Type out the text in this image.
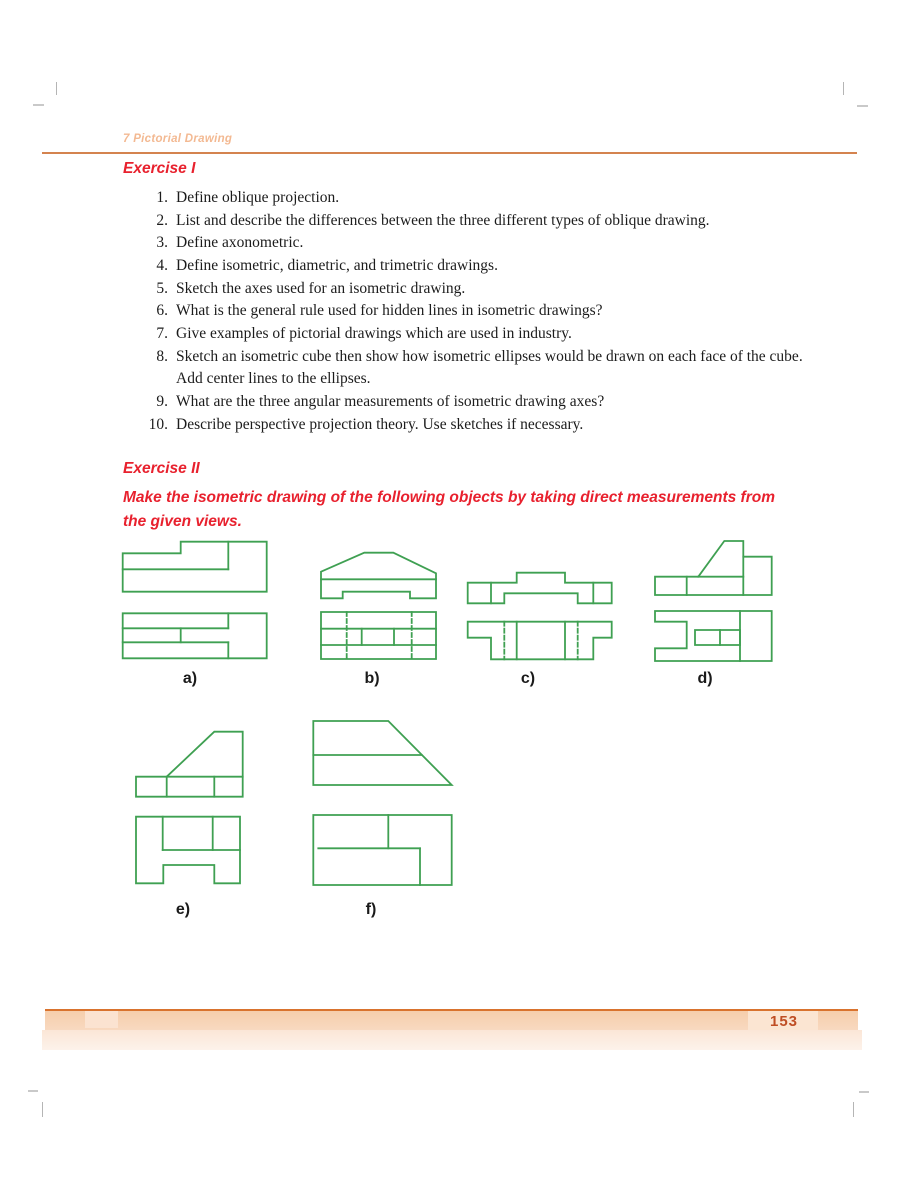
7 Pictorial Drawing
Exercise I
1. Define oblique projection.
2. List and describe the differences between the three different types of oblique drawing.
3. Define axonometric.
4. Define isometric, diametric, and trimetric drawings.
5. Sketch the axes used for an isometric drawing.
6. What is the general rule used for hidden lines in isometric drawings?
7. Give examples of pictorial drawings which are used in industry.
8. Sketch an isometric cube then show how isometric ellipses would be drawn on each face of the cube. Add center lines to the ellipses.
9. What are the three angular measurements of isometric drawing axes?
10. Describe perspective projection theory. Use sketches if necessary.
Exercise II
Make the isometric drawing of the following objects by taking direct measurements from
the given views.
a)	b)	c)	d)
e)	f)
153
